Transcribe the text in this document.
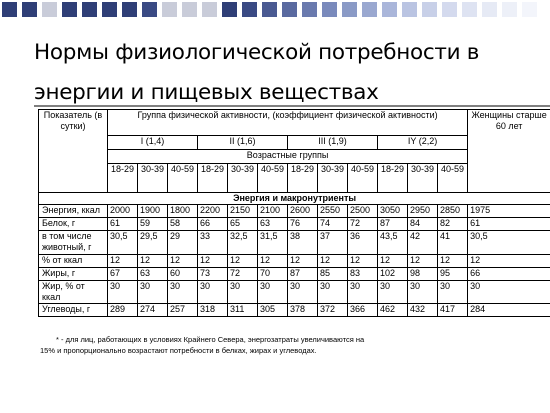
Нормы физиологической потребности в
энергии и пищевых веществах
Показатель (в сутки)	Группа физической активности, (коэффициент физической активности)												Женщины старше 60 лет
	I (1,4)			II (1,6)			III (1,9)			IY (2,2)			
	Возрастные группы												
	18-29	30-39	40-59	18-29	30-39	40-59	18-29	30-39	40-59	18-29	30-39	40-59	
Энергия и макронутриенты													
Энергия, ккал	2000	1900	1800	2200	2150	2100	2600	2550	2500	3050	2950	2850	1975
Белок, г	61	59	58	66	65	63	76	74	72	87	84	82	61
в том числе животный, г	30,5	29,5	29	33	32,5	31,5	38	37	36	43,5	42	41	30,5
% от ккал	12	12	12	12	12	12	12	12	12	12	12	12	12
Жиры, г	67	63	60	73	72	70	87	85	83	102	98	95	66
Жир, % от ккал	30	30	30	30	30	30	30	30	30	30	30	30	30
Углеводы, г	289	274	257	318	311	305	378	372	366	462	432	417	284
* - для лиц, работающих в условиях Крайнего Севера, энергозатраты увеличиваются на
15% и пропорционально возрастают потребности в белках, жирах и углеводах.
